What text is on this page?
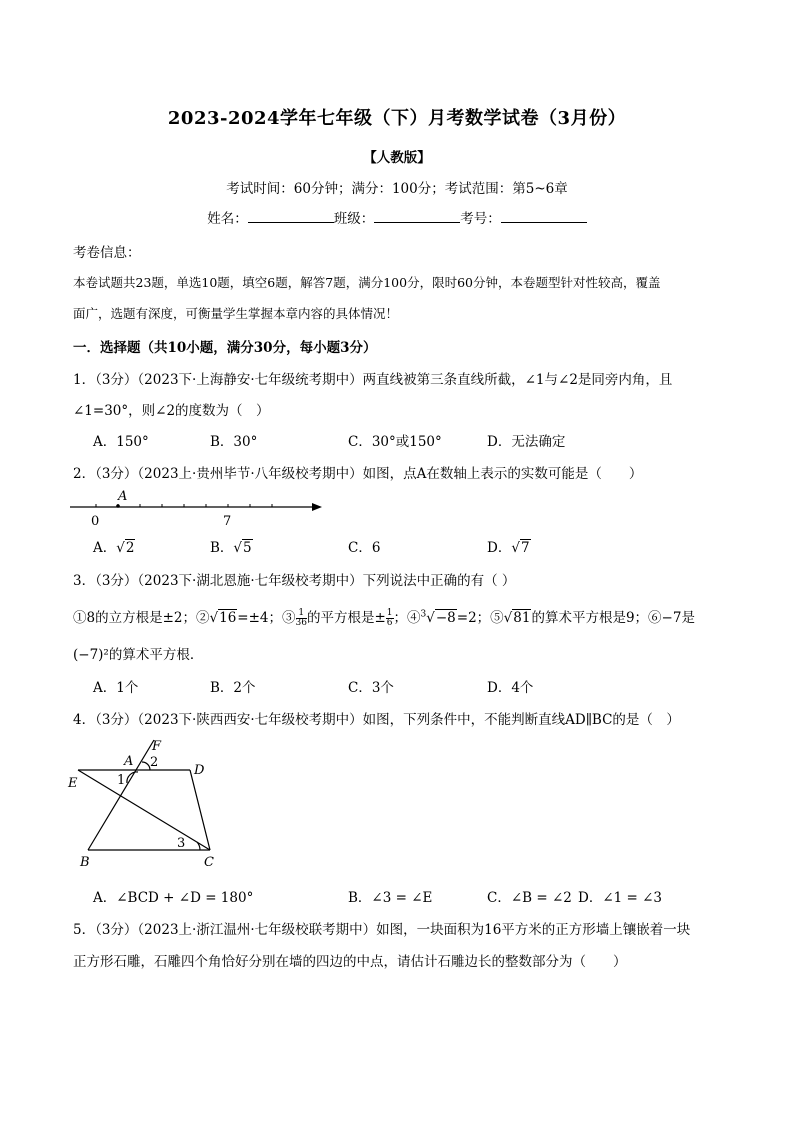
2023-2024学年七年级（下）月考数学试卷（3月份）
【人教版】
考试时间：60分钟；满分：100分；考试范围：第5~6章
姓名：	班级：	考号：
考卷信息：
本卷试题共23题，单选10题，填空6题，解答7题，满分100分，限时60分钟，本卷题型针对性较高，覆盖
面广，选题有深度，可衡量学生掌握本章内容的具体情况！
一．选择题（共10小题，满分30分，每小题3分）
1．（3分）（2023下·上海静安·七年级统考期中）两直线被第三条直线所截，∠1与∠2是同旁内角，且
∠1=30°，则∠2的度数为（　）
A．150°	B．30°	C．30°或150°	D．无法确定
2．（3分）（2023上·贵州毕节·八年级校考期中）如图，点A在数轴上表示的实数可能是（　　）
A
0	7
A．√2	B．√5	C．6	D．√7
3．（3分）（2023下·湖北恩施·七年级校考期中）下列说法中正确的有（ ）
①8的立方根是±2；②√16=±4；③ $\frac{1}{36}$ 的平方根是± $\frac{1}{6}$ ；④$^3$√−8=2；⑤√81的算术平方根是9；⑥−7是
(−7)²的算术平方根．
A．1个	B．2个	C．3个	D．4个
4．（3分）（2023下·陕西西安·七年级校考期中）如图，下列条件中，不能判断直线AD∥BC的是（　）
F
A 2
D
1
E
3
B	C
A．∠BCD + ∠D = 180°	B．∠3 = ∠E	C．∠B = ∠2 D．∠1 = ∠3
5．（3分）（2023上·浙江温州·七年级校联考期中）如图，一块面积为16平方米的正方形墙上镶嵌着一块
正方形石雕，石雕四个角恰好分别在墙的四边的中点，请估计石雕边长的整数部分为（　　）
